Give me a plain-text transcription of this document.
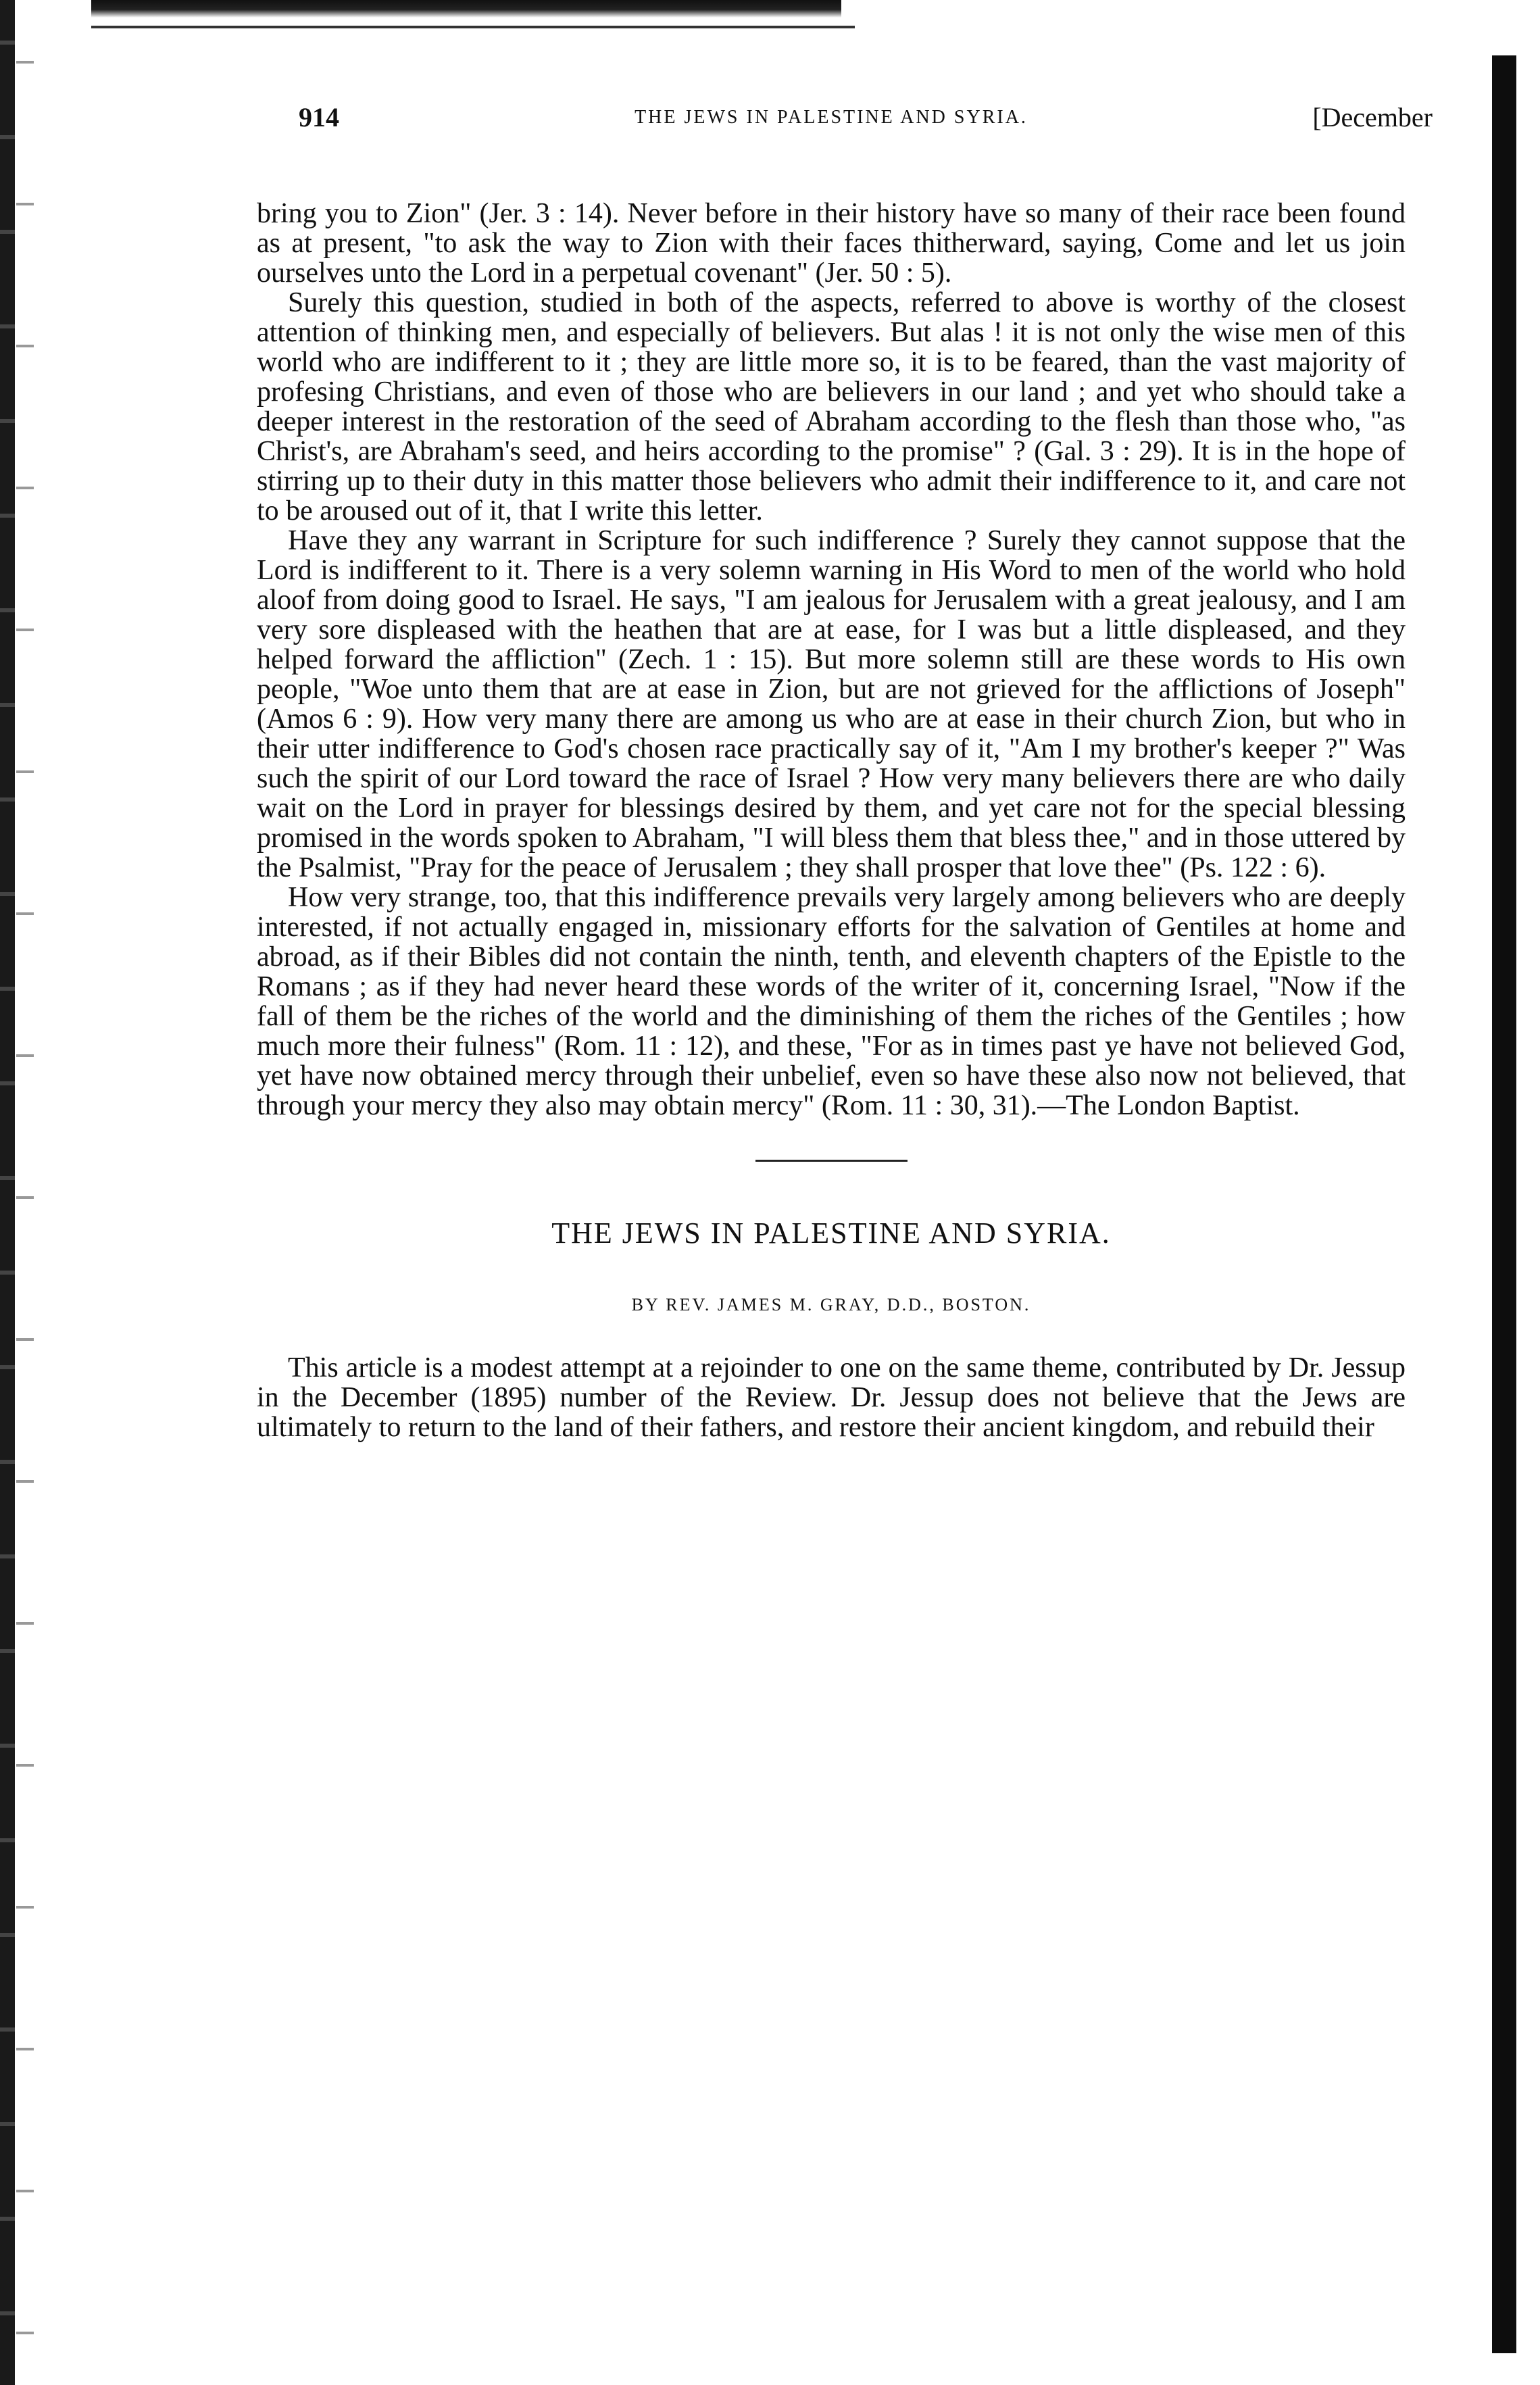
914	THE JEWS IN PALESTINE AND SYRIA.	[December

bring you to Zion" (Jer. 3 : 14). Never before in their history have so many of their race been found as at present, "to ask the way to Zion with their faces thitherward, saying, Come and let us join ourselves unto the Lord in a perpetual covenant" (Jer. 50 : 5).

Surely this question, studied in both of the aspects, referred to above is worthy of the closest attention of thinking men, and especially of believers. But alas ! it is not only the wise men of this world who are indifferent to it ; they are little more so, it is to be feared, than the vast majority of profesing Christians, and even of those who are believers in our land ; and yet who should take a deeper interest in the restoration of the seed of Abraham according to the flesh than those who, "as Christ's, are Abraham's seed, and heirs according to the promise" ? (Gal. 3 : 29). It is in the hope of stirring up to their duty in this matter those believers who admit their indifference to it, and care not to be aroused out of it, that I write this letter.

Have they any warrant in Scripture for such indifference ? Surely they cannot suppose that the Lord is indifferent to it. There is a very solemn warning in His Word to men of the world who hold aloof from doing good to Israel. He says, "I am jealous for Jerusalem with a great jealousy, and I am very sore displeased with the heathen that are at ease, for I was but a little displeased, and they helped forward the affliction" (Zech. 1 : 15). But more solemn still are these words to His own people, "Woe unto them that are at ease in Zion, but are not grieved for the afflictions of Joseph" (Amos 6 : 9). How very many there are among us who are at ease in their church Zion, but who in their utter indifference to God's chosen race practically say of it, "Am I my brother's keeper ?" Was such the spirit of our Lord toward the race of Israel ? How very many believers there are who daily wait on the Lord in prayer for blessings desired by them, and yet care not for the special blessing promised in the words spoken to Abraham, "I will bless them that bless thee," and in those uttered by the Psalmist, "Pray for the peace of Jerusalem ; they shall prosper that love thee" (Ps. 122 : 6).

How very strange, too, that this indifference prevails very largely among believers who are deeply interested, if not actually engaged in, missionary efforts for the salvation of Gentiles at home and abroad, as if their Bibles did not contain the ninth, tenth, and eleventh chapters of the Epistle to the Romans ; as if they had never heard these words of the writer of it, concerning Israel, "Now if the fall of them be the riches of the world and the diminishing of them the riches of the Gentiles ; how much more their fulness" (Rom. 11 : 12), and these, "For as in times past ye have not believed God, yet have now obtained mercy through their unbelief, even so have these also now not believed, that through your mercy they also may obtain mercy" (Rom. 11 : 30, 31).—The London Baptist.

THE JEWS IN PALESTINE AND SYRIA.
BY REV. JAMES M. GRAY, D.D., BOSTON.

This article is a modest attempt at a rejoinder to one on the same theme, contributed by Dr. Jessup in the December (1895) number of the Review. Dr. Jessup does not believe that the Jews are ultimately to return to the land of their fathers, and restore their ancient kingdom, and rebuild their
